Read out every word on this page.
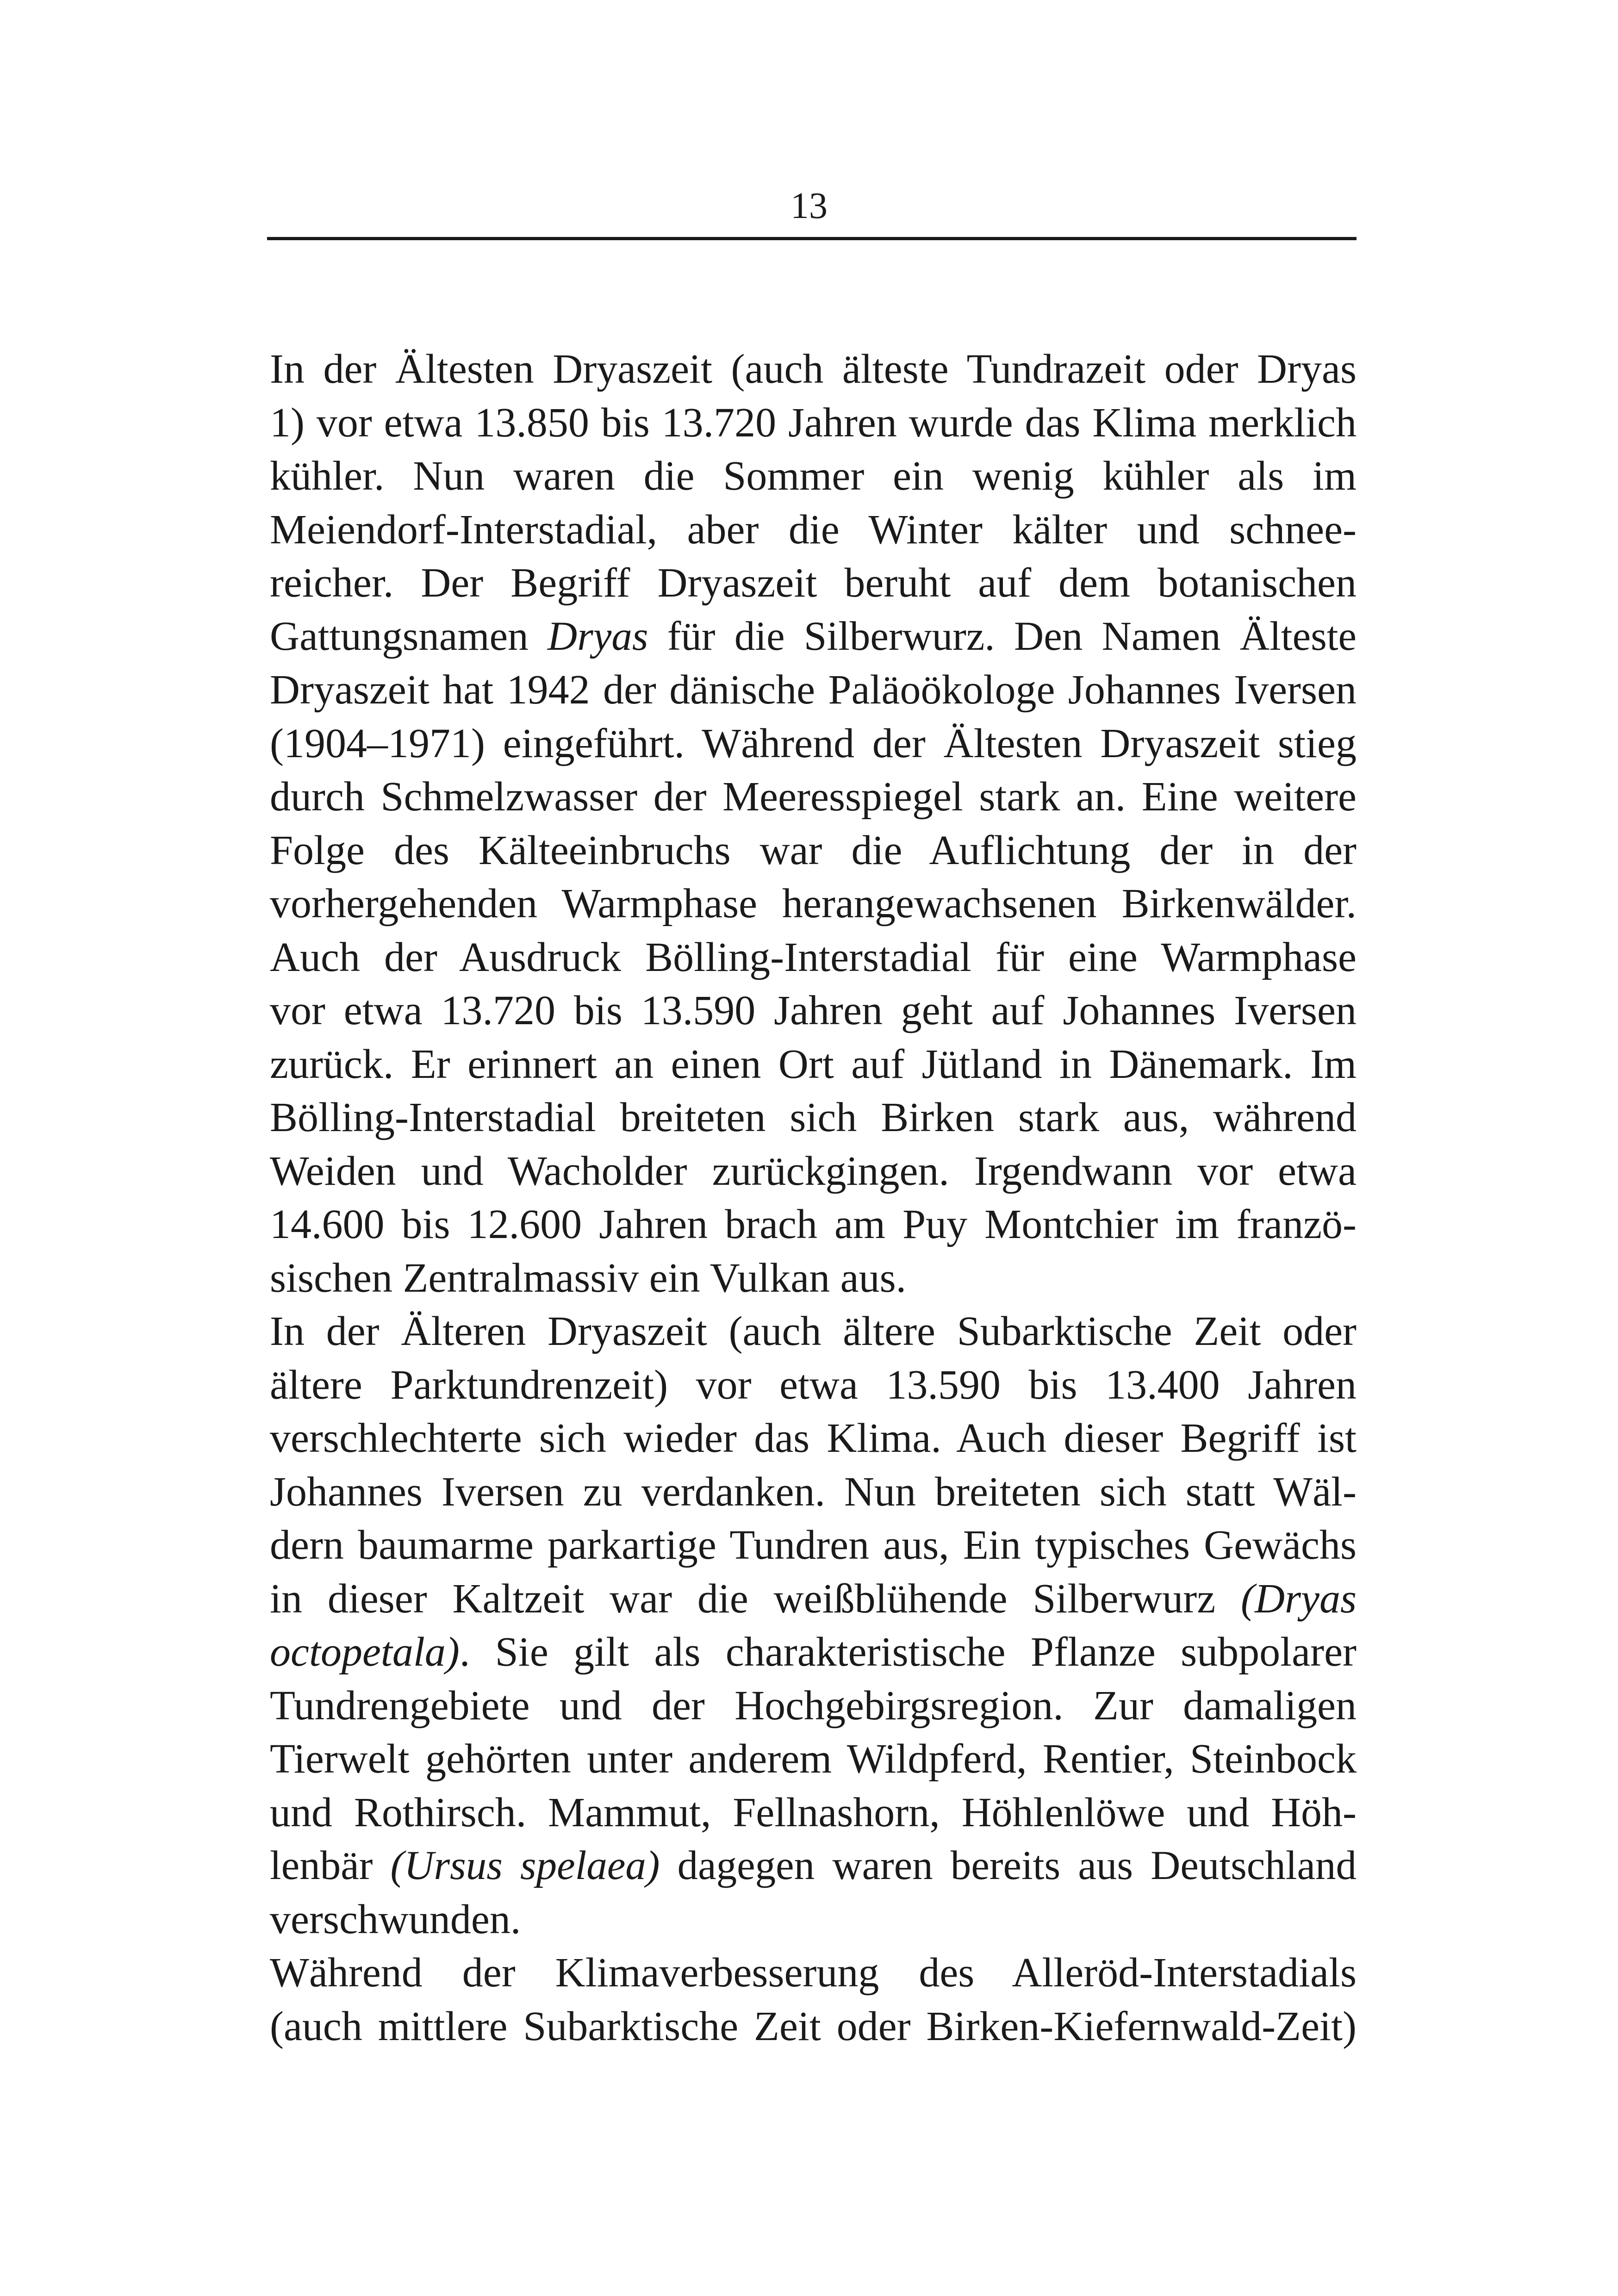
13
In der Ältesten Dryaszeit (auch älteste Tundrazeit oder Dryas
1) vor etwa 13.850 bis 13.720 Jahren wurde das Klima merklich
kühler. Nun waren die Sommer ein wenig kühler als im
Meiendorf-Interstadial, aber die Winter kälter und schnee-
reicher. Der Begriff Dryaszeit beruht auf dem botanischen
Gattungsnamen Dryas für die Silberwurz. Den Namen Älteste
Dryaszeit hat 1942 der dänische Paläoökologe Johannes Iversen
(1904–1971) eingeführt. Während der Ältesten Dryaszeit stieg
durch Schmelzwasser der Meeresspiegel stark an. Eine weitere
Folge des Kälteeinbruchs war die Auflichtung der in der
vorhergehenden Warmphase herangewachsenen Birkenwälder.
Auch der Ausdruck Bölling-Interstadial für eine Warmphase
vor etwa 13.720 bis 13.590 Jahren geht auf Johannes Iversen
zurück. Er erinnert an einen Ort auf Jütland in Dänemark. Im
Bölling-Interstadial breiteten sich Birken stark aus, während
Weiden und Wacholder zurückgingen. Irgendwann vor etwa
14.600 bis 12.600 Jahren brach am Puy Montchier im franzö-
sischen Zentralmassiv ein Vulkan aus.
In der Älteren Dryaszeit (auch ältere Subarktische Zeit oder
ältere Parktundrenzeit) vor etwa 13.590 bis 13.400 Jahren
verschlechterte sich wieder das Klima. Auch dieser Begriff ist
Johannes Iversen zu verdanken. Nun breiteten sich statt Wäl-
dern baumarme parkartige Tundren aus, Ein typisches Gewächs
in dieser Kaltzeit war die weißblühende Silberwurz (Dryas
octopetala). Sie gilt als charakteristische Pflanze subpolarer
Tundrengebiete und der Hochgebirgsregion. Zur damaligen
Tierwelt gehörten unter anderem Wildpferd, Rentier, Steinbock
und Rothirsch. Mammut, Fellnashorn, Höhlenlöwe und Höh-
lenbär (Ursus spelaea) dagegen waren bereits aus Deutschland
verschwunden.
Während der Klimaverbesserung des Alleröd-Interstadials
(auch mittlere Subarktische Zeit oder Birken-Kiefernwald-Zeit)
